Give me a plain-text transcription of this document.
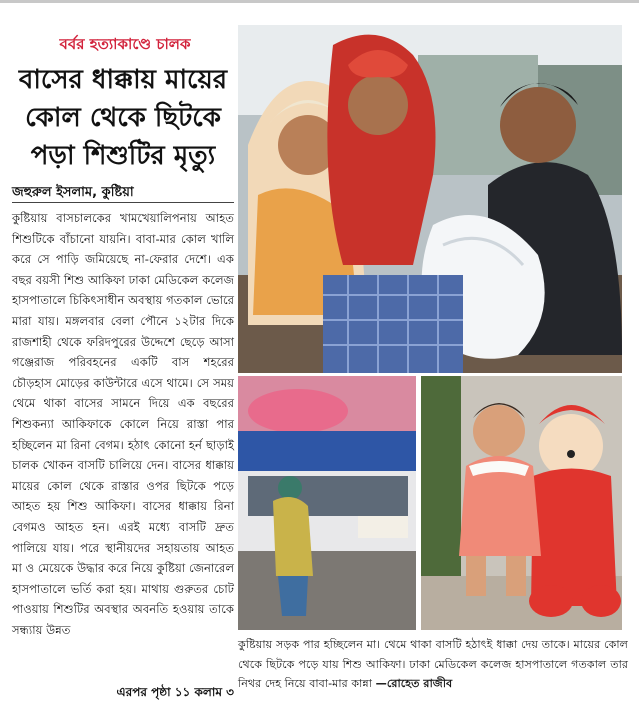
বর্বর হত্যাকাণ্ডে চালক
বাসের ধাক্কায় মায়ের
কোল থেকে ছিটকে
পড়া শিশুটির মৃত্যু
জহুরুল ইসলাম, কুষ্টিয়া
কুষ্টিয়ায় বাসচালকের খামখেয়ালিপনায় আহত শিশুটিকে বাঁচানো যায়নি। বাবা-মার কোল খালি করে সে পাড়ি জমিয়েছে না-ফেরার দেশে। এক বছর বয়সী শিশু আকিফা ঢাকা মেডিকেল কলেজ হাসপাতালে চিকিৎসাধীন অবস্থায় গতকাল ভোরে মারা যায়। মঙ্গলবার বেলা পৌনে ১২টার দিকে রাজশাহী থেকে ফরিদপুরের উদ্দেশে ছেড়ে আসা গঞ্জেরাজ পরিবহনের একটি বাস শহরের চৌড়হাস মোড়ের কাউন্টারে এসে থামে। সে সময় থেমে থাকা বাসের সামনে দিয়ে এক বছরের শিশুকন্যা আকিফাকে কোলে নিয়ে রাস্তা পার হচ্ছিলেন মা রিনা বেগম। হঠাৎ কোনো হর্ন ছাড়াই চালক খোকন বাসটি চালিয়ে দেন। বাসের ধাক্কায় মায়ের কোল থেকে রাস্তার ওপর ছিটকে পড়ে আহত হয় শিশু আকিফা। বাসের ধাক্কায় রিনা বেগমও আহত হন। এরই মধ্যে বাসটি দ্রুত পালিয়ে যায়। পরে স্থানীয়দের সহায়তায় আহত মা ও মেয়েকে উদ্ধার করে নিয়ে কুষ্টিয়া জেনারেল হাসপাতালে ভর্তি করা হয়। মাথায় গুরুতর চোট পাওয়ায় শিশুটির অবস্থার অবনতি হওয়ায় তাকে সন্ধ্যায় উন্নত
এরপর পৃষ্ঠা ১১ কলাম ৩
কুষ্টিয়ায় সড়ক পার হচ্ছিলেন মা। থেমে থাকা বাসটি হঠাৎই ধাক্কা দেয় তাকে। মায়ের কোল থেকে ছিটকে পড়ে যায় শিশু আকিফা। ঢাকা মেডিকেল কলেজ হাসপাতালে গতকাল তার নিথর দেহ নিয়ে বাবা-মার কান্না —রোহেত রাজীব
